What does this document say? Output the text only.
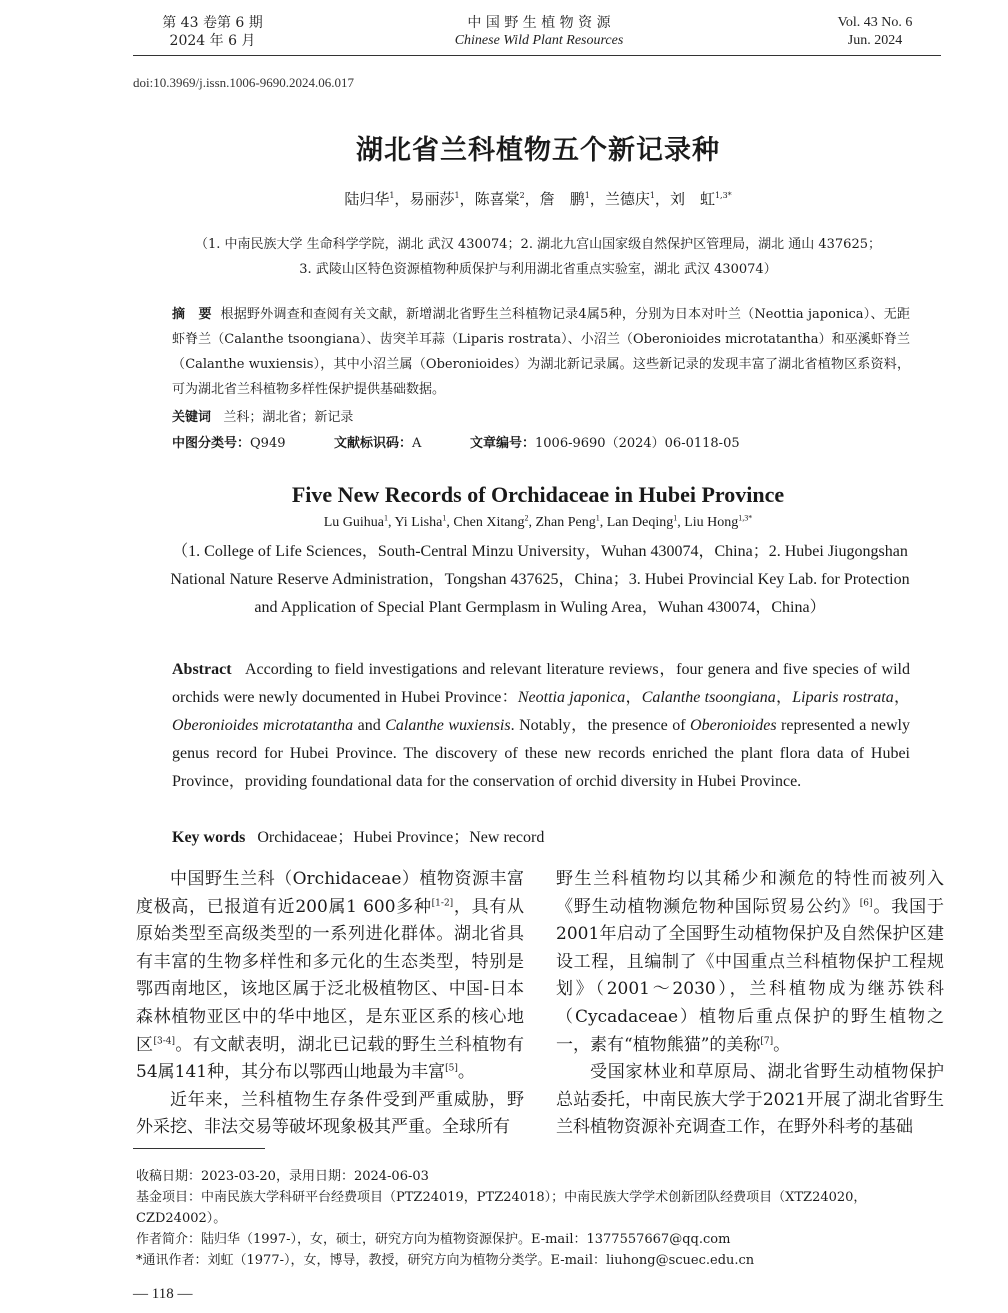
第 43 卷第 6 期
2024 年 6 月
中 国 野 生 植 物 资 源
Chinese Wild Plant Resources
Vol. 43 No. 6
Jun. 2024
doi:10.3969/j.issn.1006-9690.2024.06.017
湖北省兰科植物五个新记录种
陆归华$^1$，易丽莎$^1$，陈喜棠$^2$，詹　鹏$^1$，兰德庆$^1$，刘　虹$^{1,3*}$
（1. 中南民族大学 生命科学学院，湖北 武汉 430074；2. 湖北九宫山国家级自然保护区管理局，湖北 通山 437625；
3. 武陵山区特色资源植物种质保护与利用湖北省重点实验室，湖北 武汉 430074）
摘　要 根据野外调查和查阅有关文献，新增湖北省野生兰科植物记录4属5种，分别为日本对叶兰（Neottia japonica）、无距虾脊兰（Calanthe tsoongiana）、齿突羊耳蒜（Liparis rostrata）、小沼兰（Oberonioides microtatantha）和巫溪虾脊兰（Calanthe wuxiensis），其中小沼兰属（Oberonioides）为湖北新记录属。这些新记录的发现丰富了湖北省植物区系资料，可为湖北省兰科植物多样性保护提供基础数据。
关键词 兰科；湖北省；新记录
中图分类号：Q949	文献标识码：A	文章编号：1006-9690（2024）06-0118-05
Five New Records of Orchidaceae in Hubei Province
Lu Guihua$^1$, Yi Lisha$^1$, Chen Xitang$^2$, Zhan Peng$^1$, Lan Deqing$^1$, Liu Hong$^{1,3*}$
（1. College of Life Sciences，South-Central Minzu University，Wuhan 430074，China；2. Hubei Jiugongshan National Nature Reserve Administration，Tongshan 437625，China；3. Hubei Provincial Key Lab. for Protection and Application of Special Plant Germplasm in Wuling Area，Wuhan 430074，China）
Abstract According to field investigations and relevant literature reviews，four genera and five species of wild orchids were newly documented in Hubei Province：Neottia japonica，Calanthe tsoongiana，Liparis rostrata，Oberonioides microtatantha and Calanthe wuxiensis. Notably，the presence of Oberonioides represented a newly genus record for Hubei Province. The discovery of these new records enriched the plant flora data of Hubei Province，providing foundational data for the conservation of orchid diversity in Hubei Province.
Key words Orchidaceae；Hubei Province；New record

中国野生兰科（Orchidaceae）植物资源丰富度极高，已报道有近200属1 600多种[1-2]，具有从原始类型至高级类型的一系列进化群体。湖北省具有丰富的生物多样性和多元化的生态类型，特别是鄂西南地区，该地区属于泛北极植物区、中国-日本森林植物亚区中的华中地区，是东亚区系的核心地区[3-4]。有文献表明，湖北已记载的野生兰科植物有54属141种，其分布以鄂西山地最为丰富[5]。

近年来，兰科植物生存条件受到严重威胁，野外采挖、非法交易等破坏现象极其严重。全球所有

野生兰科植物均以其稀少和濒危的特性而被列入《野生动植物濒危物种国际贸易公约》[6]。我国于2001年启动了全国野生动植物保护及自然保护区建设工程，且编制了《中国重点兰科植物保护工程规划》（2001～2030），兰科植物成为继苏铁科（Cycadaceae）植物后重点保护的野生植物之一，素有“植物熊猫”的美称[7]。

受国家林业和草原局、湖北省野生动植物保护总站委托，中南民族大学于2021开展了湖北省野生兰科植物资源补充调查工作，在野外科考的基础

收稿日期：2023-03-20，录用日期：2024-06-03

基金项目：中南民族大学科研平台经费项目（PTZ24019，PTZ24018）；中南民族大学学术创新团队经费项目（XTZ24020，CZD24002）。

作者简介：陆归华（1997-），女，硕士，研究方向为植物资源保护。E-mail：1377557667@qq.com

*通讯作者：刘虹（1977-），女，博导，教授，研究方向为植物分类学。E-mail：liuhong@scuec.edu.cn

— 118 —
